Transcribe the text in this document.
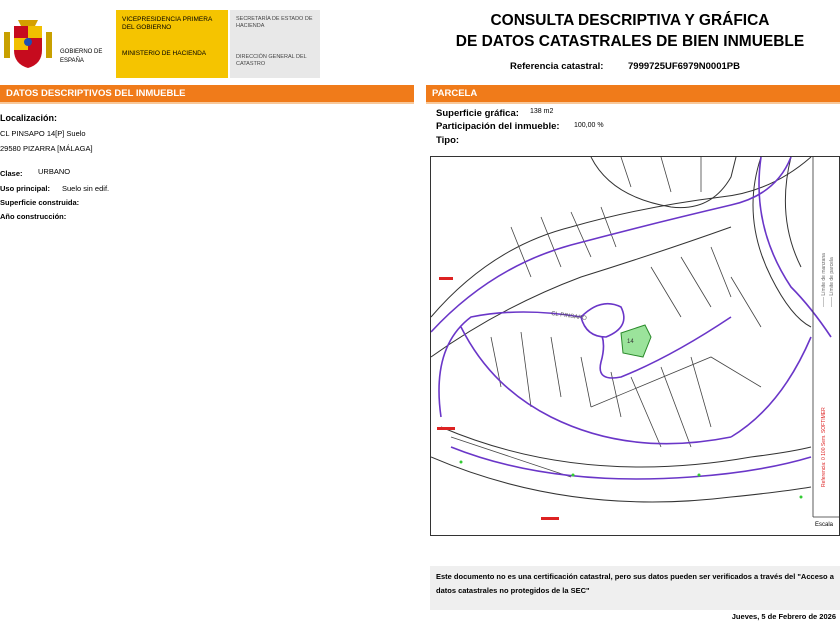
GOBIERNO DE ESPAÑA
VICEPRESIDENCIA PRIMERA DEL GOBIERNO
MINISTERIO DE HACIENDA
SECRETARÍA DE ESTADO DE HACIENDA
DIRECCIÓN GENERAL DEL CATASTRO
CONSULTA DESCRIPTIVA Y GRÁFICA
DE DATOS CATASTRALES DE BIEN INMUEBLE
Referencia catastral:	7999725UF6979N0001PB
DATOS DESCRIPTIVOS DEL INMUEBLE	PARCELA
Localización:
CL PINSAPO 14[P] Suelo
29580 PIZARRA [MÁLAGA]
Clase: URBANO
Uso principal: Suelo sin edif.
Superficie construida:
Año construcción:
Superficie gráfica: 138 m2
Participación del inmueble: 100,00 %
Tipo:
14
CL PINSAPO
—— Límite de manzana —— Límite de parcela
Referencia: 0 100 Sem. SOFTIMER
Escala
Este documento no es una certificación catastral, pero sus datos pueden ser verificados a través del "Acceso a datos catastrales no protegidos de la SEC"
Jueves, 5 de Febrero de 2026
